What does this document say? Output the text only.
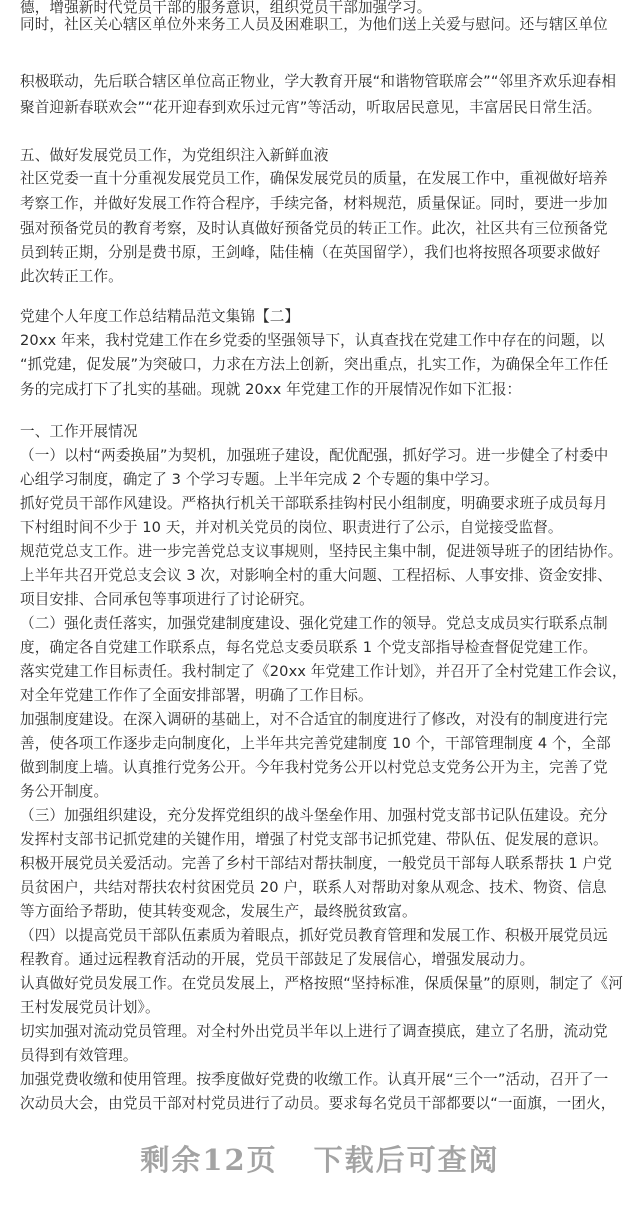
德，增强新时代党员干部的服务意识，组织党员干部加强学习。
同时，社区关心辖区单位外来务工人员及困难职工，为他们送上关爱与慰问。还与辖区单位
积极联动，先后联合辖区单位高正物业，学大教育开展“和谐物管联席会”“邻里齐欢乐迎春相
聚首迎新春联欢会”“花开迎春到欢乐过元宵”等活动，听取居民意见，丰富居民日常生活。
五、做好发展党员工作，为党组织注入新鲜血液
社区党委一直十分重视发展党员工作，确保发展党员的质量，在发展工作中，重视做好培养
考察工作，并做好发展工作符合程序，手续完备，材料规范，质量保证。同时，要进一步加
强对预备党员的教育考察，及时认真做好预备党员的转正工作。此次，社区共有三位预备党
员到转正期，分别是费书原，王剑峰，陆佳楠（在英国留学），我们也将按照各项要求做好
此次转正工作。
党建个人年度工作总结精品范文集锦【二】
20xx 年来，我村党建工作在乡党委的坚强领导下，认真查找在党建工作中存在的问题，以
“抓党建，促发展”为突破口，力求在方法上创新，突出重点，扎实工作，为确保全年工作任
务的完成打下了扎实的基础。现就 20xx 年党建工作的开展情况作如下汇报：
一、工作开展情况
（一）以村“两委换届”为契机，加强班子建设，配优配强，抓好学习。进一步健全了村委中
心组学习制度，确定了 3 个学习专题。上半年完成 2 个专题的集中学习。
抓好党员干部作风建设。严格执行机关干部联系挂钩村民小组制度，明确要求班子成员每月
下村组时间不少于 10 天，并对机关党员的岗位、职责进行了公示，自觉接受监督。
规范党总支工作。进一步完善党总支议事规则，坚持民主集中制，促进领导班子的团结协作。
上半年共召开党总支会议 3 次，对影响全村的重大问题、工程招标、人事安排、资金安排、
项目安排、合同承包等事项进行了讨论研究。
（二）强化责任落实，加强党建制度建设、强化党建工作的领导。党总支成员实行联系点制
度，确定各自党建工作联系点，每名党总支委员联系 1 个党支部指导检查督促党建工作。
落实党建工作目标责任。我村制定了《20xx 年党建工作计划》，并召开了全村党建工作会议，
对全年党建工作作了全面安排部署，明确了工作目标。
加强制度建设。在深入调研的基础上，对不合适宜的制度进行了修改，对没有的制度进行完
善，使各项工作逐步走向制度化，上半年共完善党建制度 10 个，干部管理制度 4 个，全部
做到制度上墙。认真推行党务公开。今年我村党务公开以村党总支党务公开为主，完善了党
务公开制度。
（三）加强组织建设，充分发挥党组织的战斗堡垒作用、加强村党支部书记队伍建设。充分
发挥村支部书记抓党建的关键作用，增强了村党支部书记抓党建、带队伍、促发展的意识。
积极开展党员关爱活动。完善了乡村干部结对帮扶制度，一般党员干部每人联系帮扶 1 户党
员贫困户，共结对帮扶农村贫困党员 20 户，联系人对帮助对象从观念、技术、物资、信息
等方面给予帮助，使其转变观念，发展生产，最终脱贫致富。
（四）以提高党员干部队伍素质为着眼点，抓好党员教育管理和发展工作、积极开展党员远
程教育。通过远程教育活动的开展，党员干部鼓足了发展信心，增强发展动力。
认真做好党员发展工作。在党员发展上，严格按照“坚持标准，保质保量”的原则，制定了《河
王村发展党员计划》。
切实加强对流动党员管理。对全村外出党员半年以上进行了调查摸底，建立了名册，流动党
员得到有效管理。
加强党费收缴和使用管理。按季度做好党费的收缴工作。认真开展“三个一”活动，召开了一
次动员大会，由党员干部对村党员进行了动员。要求每名党员干部都要以“一面旗，一团火，
剩余12页 下载后可查阅
